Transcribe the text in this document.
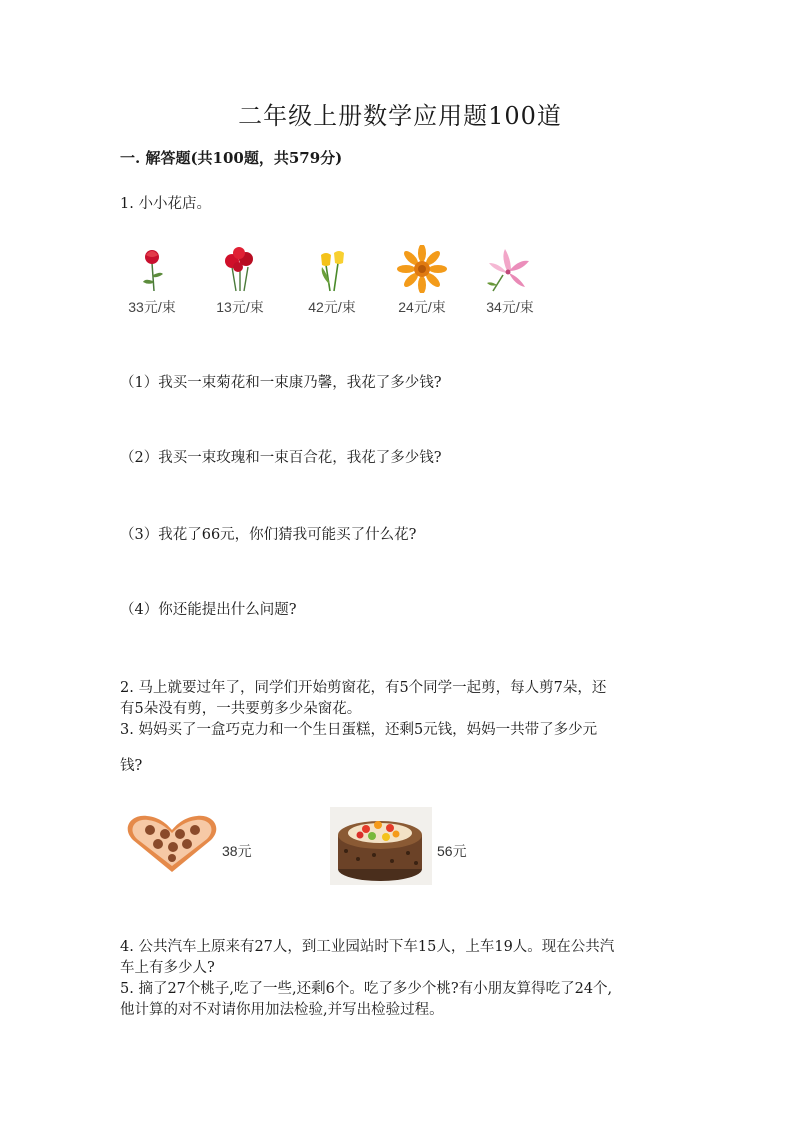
二年级上册数学应用题100道
一. 解答题(共100题，共579分)
1. 小小花店。
33元/束	13元/束	42元/束	24元/束	34元/束
（1）我买一束菊花和一束康乃馨，我花了多少钱?
（2）我买一束玫瑰和一束百合花，我花了多少钱?
（3）我花了66元，你们猜我可能买了什么花?
（4）你还能提出什么问题?
2. 马上就要过年了，同学们开始剪窗花，有5个同学一起剪，每人剪7朵，还
有5朵没有剪，一共要剪多少朵窗花。
3. 妈妈买了一盒巧克力和一个生日蛋糕，还剩5元钱，妈妈一共带了多少元
钱?
38元	56元
4. 公共汽车上原来有27人，到工业园站时下车15人，上车19人。现在公共汽
车上有多少人?
5. 摘了27个桃子,吃了一些,还剩6个。吃了多少个桃?有小朋友算得吃了24个,
他计算的对不对请你用加法检验,并写出检验过程。
